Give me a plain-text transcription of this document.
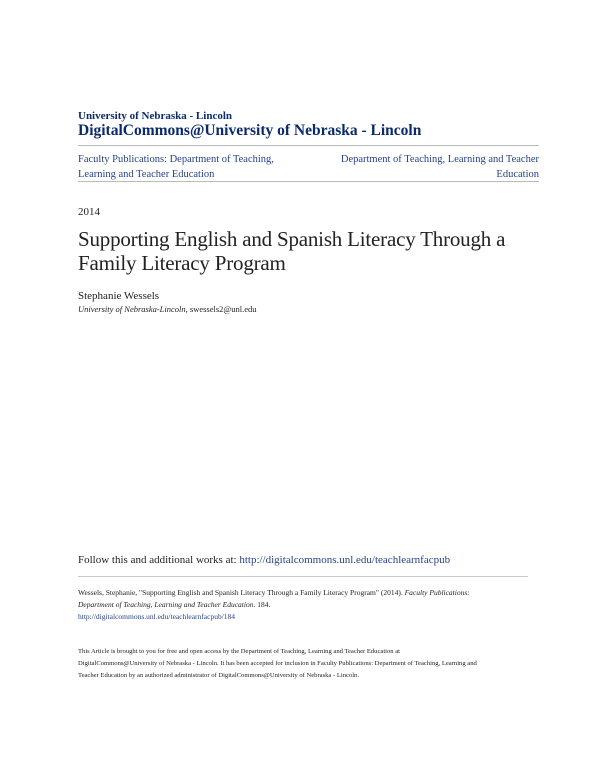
University of Nebraska - Lincoln
DigitalCommons@University of Nebraska - Lincoln
Faculty Publications: Department of Teaching,
Learning and Teacher Education
Department of Teaching, Learning and Teacher
Education
2014
Supporting English and Spanish Literacy Through a
Family Literacy Program
Stephanie Wessels
University of Nebraska-Lincoln, swessels2@unl.edu
Follow this and additional works at: http://digitalcommons.unl.edu/teachlearnfacpub
Wessels, Stephanie, "Supporting English and Spanish Literacy Through a Family Literacy Program" (2014). Faculty Publications:
Department of Teaching, Learning and Teacher Education. 184.
http://digitalcommons.unl.edu/teachlearnfacpub/184
This Article is brought to you for free and open access by the Department of Teaching, Learning and Teacher Education at
DigitalCommons@University of Nebraska - Lincoln. It has been accepted for inclusion in Faculty Publications: Department of Teaching, Learning and
Teacher Education by an authorized administrator of DigitalCommons@University of Nebraska - Lincoln.
